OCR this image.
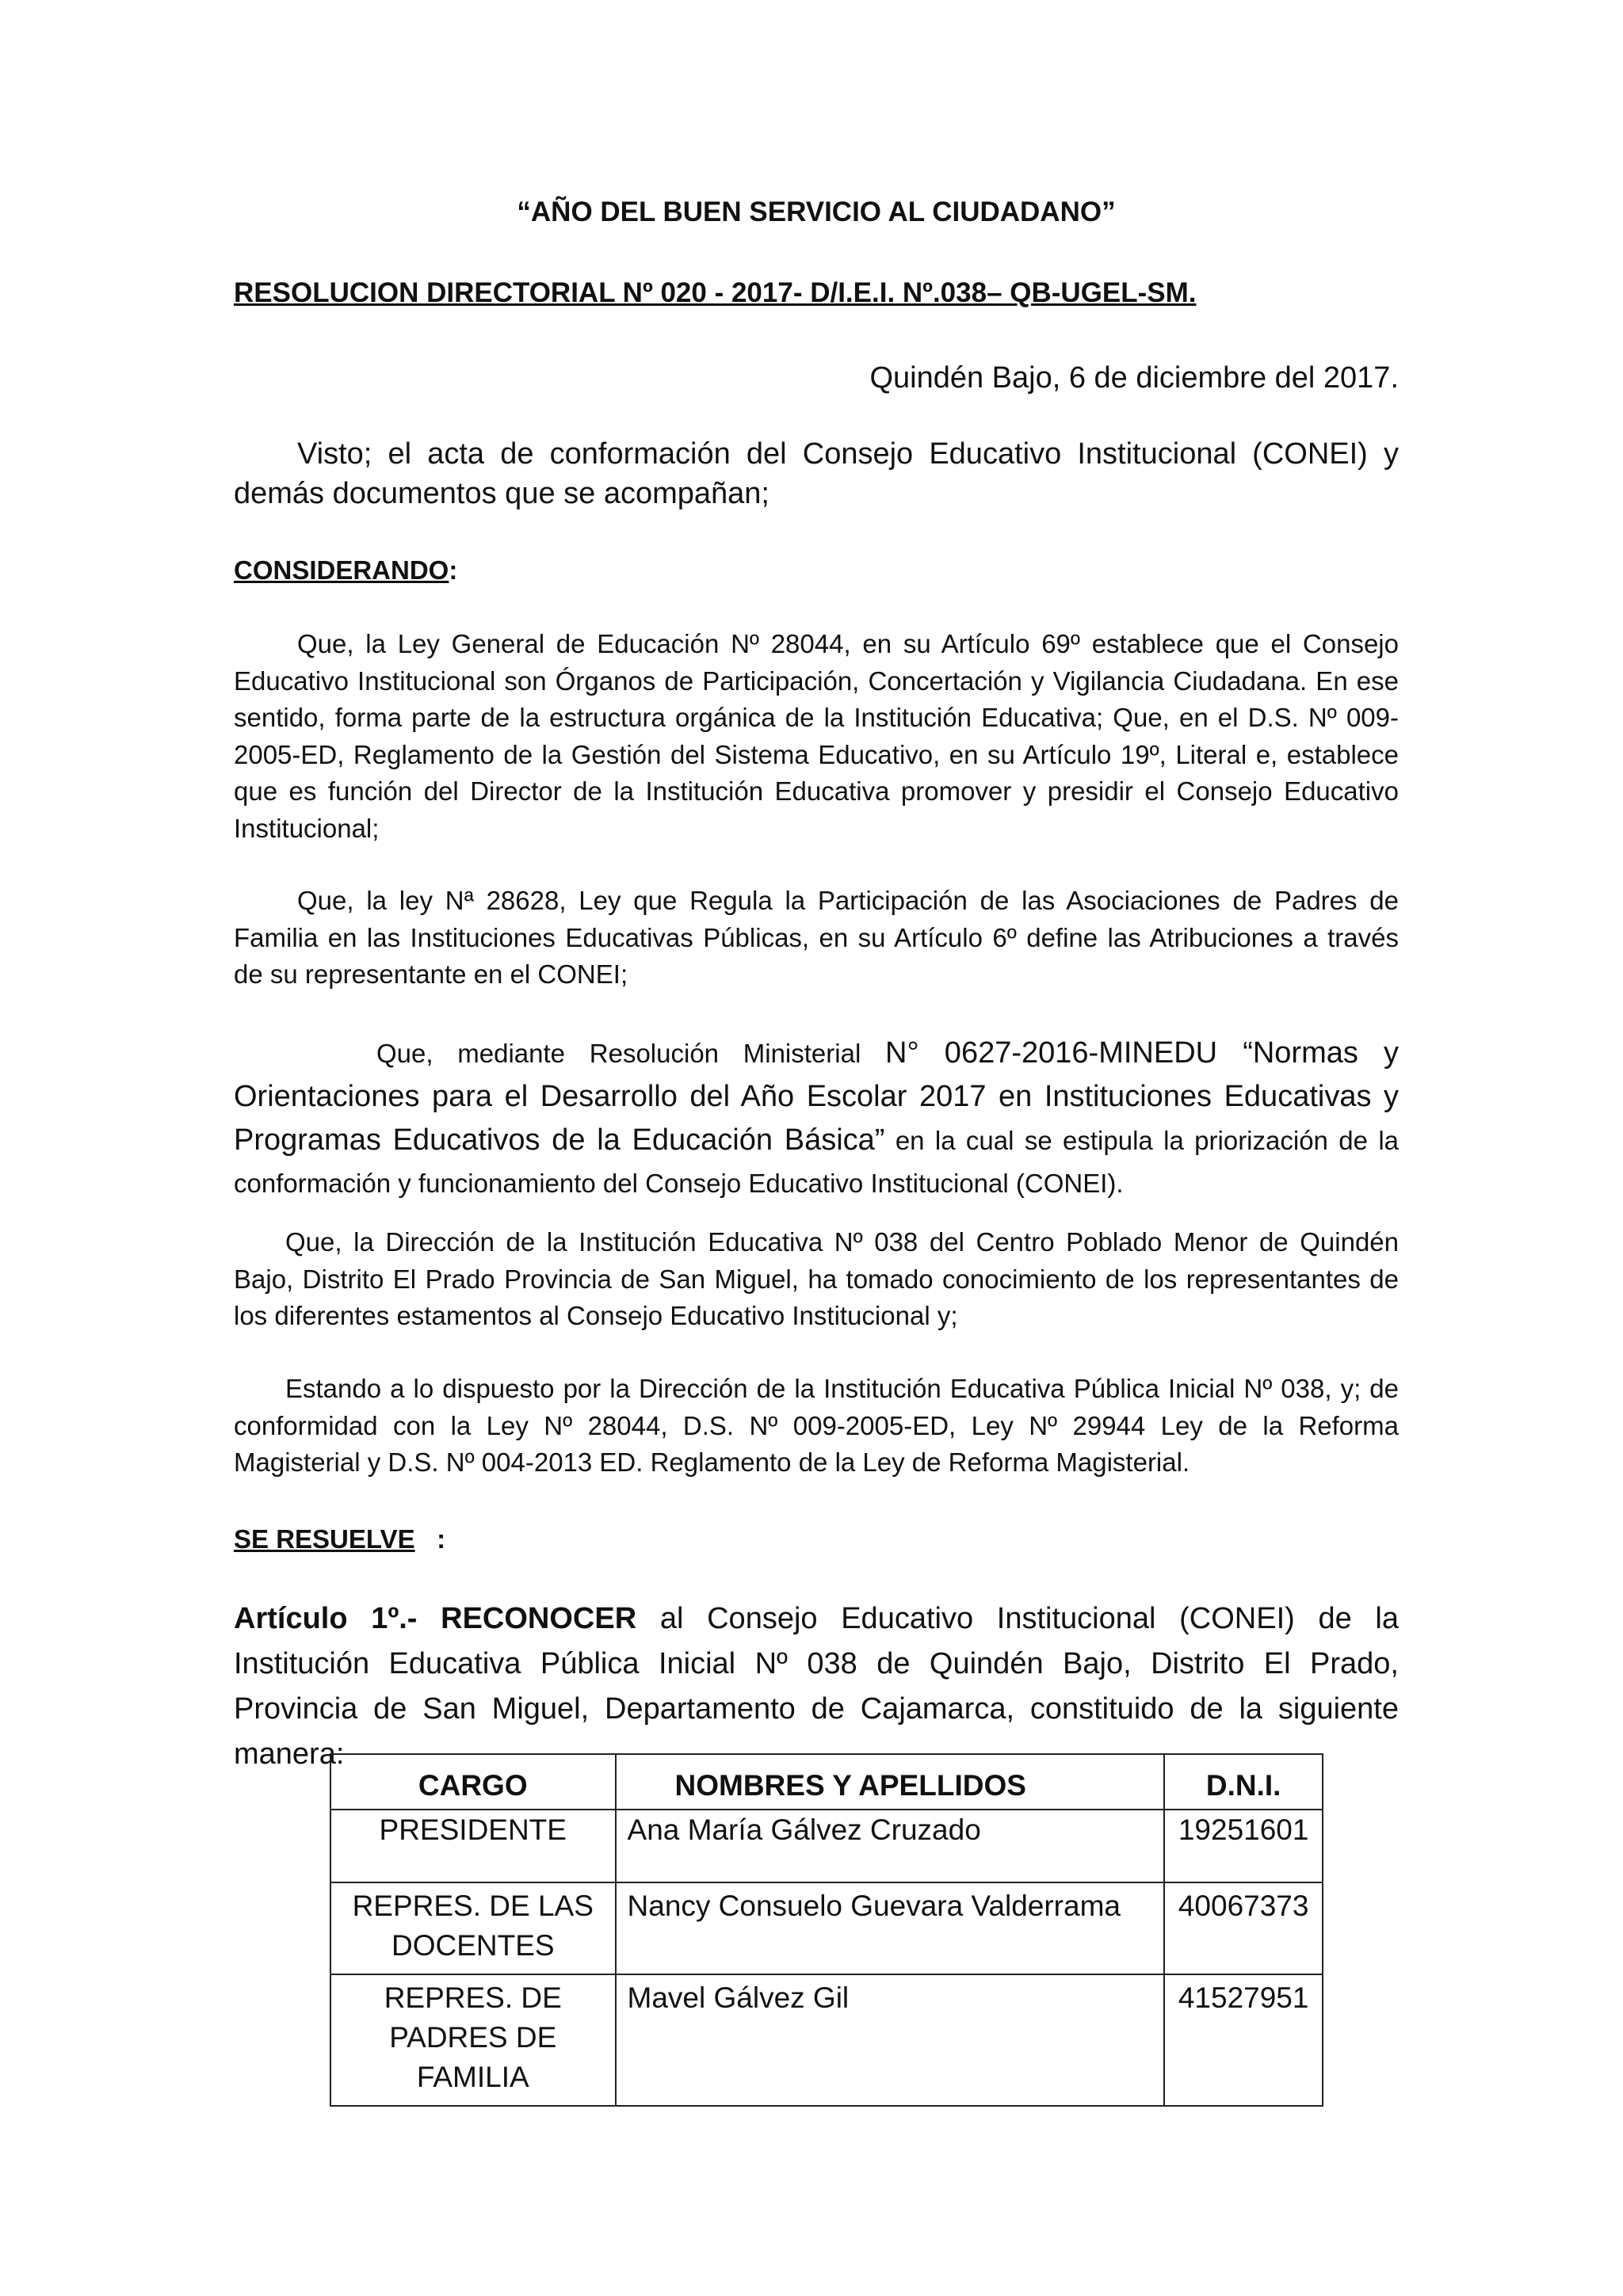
“AÑO DEL BUEN SERVICIO AL CIUDADANO”

RESOLUCION DIRECTORIAL Nº 020 - 2017- D/I.E.I. Nº.038– QB-UGEL-SM.

Quindén Bajo, 6 de diciembre del 2017.

Visto; el acta de conformación del Consejo Educativo Institucional (CONEI) y demás documentos que se acompañan;

CONSIDERANDO:

Que, la Ley General de Educación Nº 28044, en su Artículo 69º establece que el Consejo Educativo Institucional son Órganos de Participación, Concertación y Vigilancia Ciudadana. En ese sentido, forma parte de la estructura orgánica de la Institución Educativa; Que, en el D.S. Nº 009-2005-ED, Reglamento de la Gestión del Sistema Educativo, en su Artículo 19º, Literal e, establece que es función del Director de la Institución Educativa promover y presidir el Consejo Educativo Institucional;

Que, la ley Nª 28628, Ley que Regula la Participación de las Asociaciones de Padres de Familia en las Instituciones Educativas Públicas, en su Artículo 6º define las Atribuciones a través de su representante en el CONEI;

Que, mediante Resolución Ministerial N° 0627-2016-MINEDU “Normas y Orientaciones para el Desarrollo del Año Escolar 2017 en Instituciones Educativas y Programas Educativos de la Educación Básica” en la cual se estipula la priorización de la conformación y funcionamiento del Consejo Educativo Institucional (CONEI).

Que, la Dirección de la Institución Educativa Nº 038 del Centro Poblado Menor de Quindén Bajo, Distrito El Prado Provincia de San Miguel, ha tomado conocimiento de los representantes de los diferentes estamentos al Consejo Educativo Institucional y;

Estando a lo dispuesto por la Dirección de la Institución Educativa Pública Inicial Nº 038, y; de conformidad con la Ley Nº 28044, D.S. Nº 009-2005-ED, Ley Nº 29944 Ley de la Reforma Magisterial y D.S. Nº 004-2013 ED. Reglamento de la Ley de Reforma Magisterial.

SE RESUELVE   :

Artículo 1º.- RECONOCER al Consejo Educativo Institucional (CONEI) de la Institución Educativa Pública Inicial Nº 038 de Quindén Bajo, Distrito El Prado, Provincia de San Miguel, Departamento de Cajamarca, constituido de la siguiente manera:

CARGO	NOMBRES Y APELLIDOS	D.N.I.
PRESIDENTE	Ana María Gálvez Cruzado	19251601
REPRES. DE LAS DOCENTES	Nancy Consuelo Guevara Valderrama	40067373
REPRES. DE PADRES DE FAMILIA	Mavel Gálvez Gil	41527951
